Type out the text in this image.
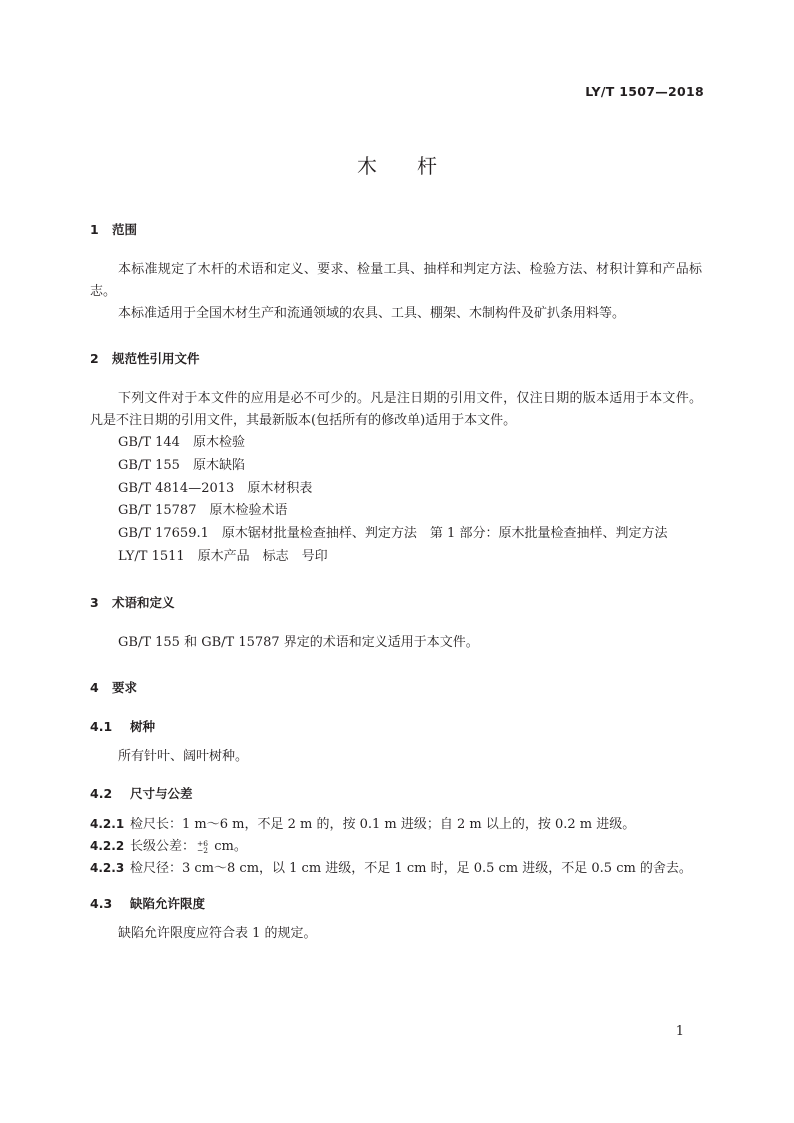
LY/T 1507—2018
木 杆
1 范围
本标准规定了木杆的术语和定义、要求、检量工具、抽样和判定方法、检验方法、材积计算和产品标志。
本标准适用于全国木材生产和流通领域的农具、工具、棚架、木制构件及矿扒条用料等。
2 规范性引用文件
下列文件对于本文件的应用是必不可少的。凡是注日期的引用文件，仅注日期的版本适用于本文件。凡是不注日期的引用文件，其最新版本(包括所有的修改单)适用于本文件。
GB/T 144　 原木检验
GB/T 155　 原木缺陷
GB/T 4814—2013　 原木材积表
GB/T 15787　 原木检验术语
GB/T 17659.1　 原木锯材批量检查抽样、判定方法　第 1 部分：原木批量检查抽样、判定方法
LY/T 1511　 原木产品　标志　号印
3 术语和定义
GB/T 155 和 GB/T 15787 界定的术语和定义适用于本文件。
4 要求
4.1 树种
所有针叶、阔叶树种。
4.2 尺寸与公差
4.2.1 检尺长：1 m～6 m，不足 2 m 的，按 0.1 m 进级；自 2 m 以上的，按 0.2 m 进级。
4.2.2 长级公差： +6
−2 cm。
4.2.3 检尺径：3 cm～8 cm，以 1 cm 进级，不足 1 cm 时，足 0.5 cm 进级，不足 0.5 cm 的舍去。
4.3 缺陷允许限度
缺陷允许限度应符合表 1 的规定。
1
